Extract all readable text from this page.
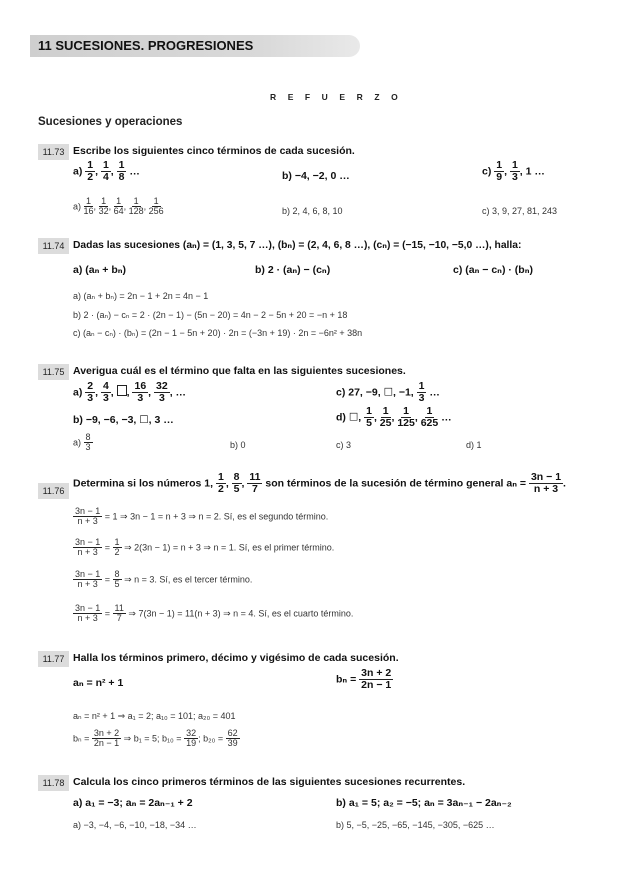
11 SUCESIONES. PROGRESIONES
R E F U E R Z O
Sucesiones y operaciones
11.73 Escribe los siguientes cinco términos de cada sucesión.
$a) \frac{1}{2}$ , $\frac{1}{4}$ , $\frac{1}{8}$ …	b) −4, −2, 0 …	$c) \frac{1}{9}$ , $\frac{1}{3}$ , 1 …
$a) \frac{1}{16}$ , $\frac{1}{32}$ , $\frac{1}{64}$ , $\frac{1}{128}$ , $\frac{1}{256}$	b) 2, 4, 6, 8, 10	c) 3, 9, 27, 81, 243
11.74 Dadas las sucesiones (aₙ) = (1, 3, 5, 7 …), (bₙ) = (2, 4, 6, 8 …), (cₙ) = (−15, −10, −5,0 …), halla:
a) (aₙ + bₙ)	b) 2 · (aₙ) − (cₙ)	c) (aₙ − cₙ) · (bₙ)
a) (aₙ + bₙ) = 2n − 1 + 2n = 4n − 1
b) 2 · (aₙ) − cₙ = 2 · (2n − 1) − (5n − 20) = 4n − 2 − 5n + 20 = −n + 18
c) (aₙ − cₙ) · (bₙ) = (2n − 1 − 5n + 20) · 2n = (−3n + 19) · 2n = −6n² + 38n
11.75 Averigua cuál es el término que falta en las siguientes sucesiones.
$a) \frac{2}{3}$ , $\frac{4}{3}$ , , $\frac{16}{3}$ , $\frac{32}{3}$ , …	c) 27, −9, ☐, −1, $\frac{1}{3}$ …
b) −9, −6, −3, ☐, 3 …	d) ☐, $\frac{1}{5}$ , $\frac{1}{25}$ , $\frac{1}{125}$ , $\frac{1}{625}$ …
$a) \frac{8}{3}$	b) 0	c) 3	d) 1
11.76
Determina si los números 1, $\frac{1}{2}$ , $\frac{8}{5}$ , $\frac{11}{7}$ son términos de la sucesión de término general $a_n = \frac{3n - 1}{n + 3}$ .
$\frac{3n - 1}{n + 3} = 1$ ⇒ 3n − 1 = n + 3 ⇒ n = 2. Sí, es el segundo término.
$\frac{3n - 1}{n + 3} = \frac{1}{2}$ ⇒ 2(3n − 1) = n + 3 ⇒ n = 1. Sí, es el primer término.
$\frac{3n - 1}{n + 3} = \frac{8}{5}$ ⇒ n = 3. Sí, es el tercer término.
$\frac{3n - 1}{n + 3} = \frac{11}{7}$ ⇒ 7(3n − 1) = 11(n + 3) ⇒ n = 4. Sí, es el cuarto término.
11.77 Halla los términos primero, décimo y vigésimo de cada sucesión.
aₙ = n² + 1	$b_n = \frac{3n + 2}{2n - 1}$
aₙ = n² + 1 ⇒ a₁ = 2; a₁₀ = 101; a₂₀ = 401
$b_n = \frac{3n + 2}{2n - 1}$ ⇒ b₁ = 5; $b_{10} = \frac{32}{19}$ ; $b_{20} = \frac{62}{39}$
11.78 Calcula los cinco primeros términos de las siguientes sucesiones recurrentes.
a) a₁ = −3; aₙ = 2aₙ₋₁ + 2	b) a₁ = 5; a₂ = −5; aₙ = 3aₙ₋₁ − 2aₙ₋₂
a) −3, −4, −6, −10, −18, −34 …	b) 5, −5, −25, −65, −145, −305, −625 …
